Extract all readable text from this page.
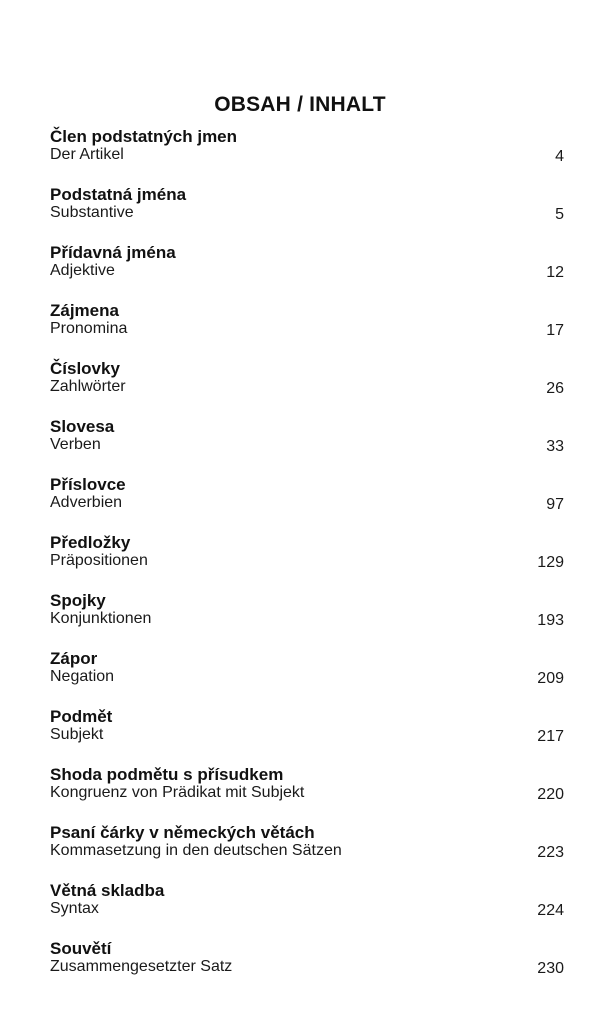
OBSAH / INHALT
Člen podstatných jmen
Der Artikel	4
Podstatná jména
Substantive	5
Přídavná jména
Adjektive	12
Zájmena
Pronomina	17
Číslovky
Zahlwörter	26
Slovesa
Verben	33
Příslovce
Adverbien	97
Předložky
Präpositionen	129
Spojky
Konjunktionen	193
Zápor
Negation	209
Podmět
Subjekt	217
Shoda podmětu s přísudkem
Kongruenz von Prädikat mit Subjekt	220
Psaní čárky v německých větách
Kommasetzung in den deutschen Sätzen	223
Větná skladba
Syntax	224
Souvětí
Zusammengesetzter Satz	230
